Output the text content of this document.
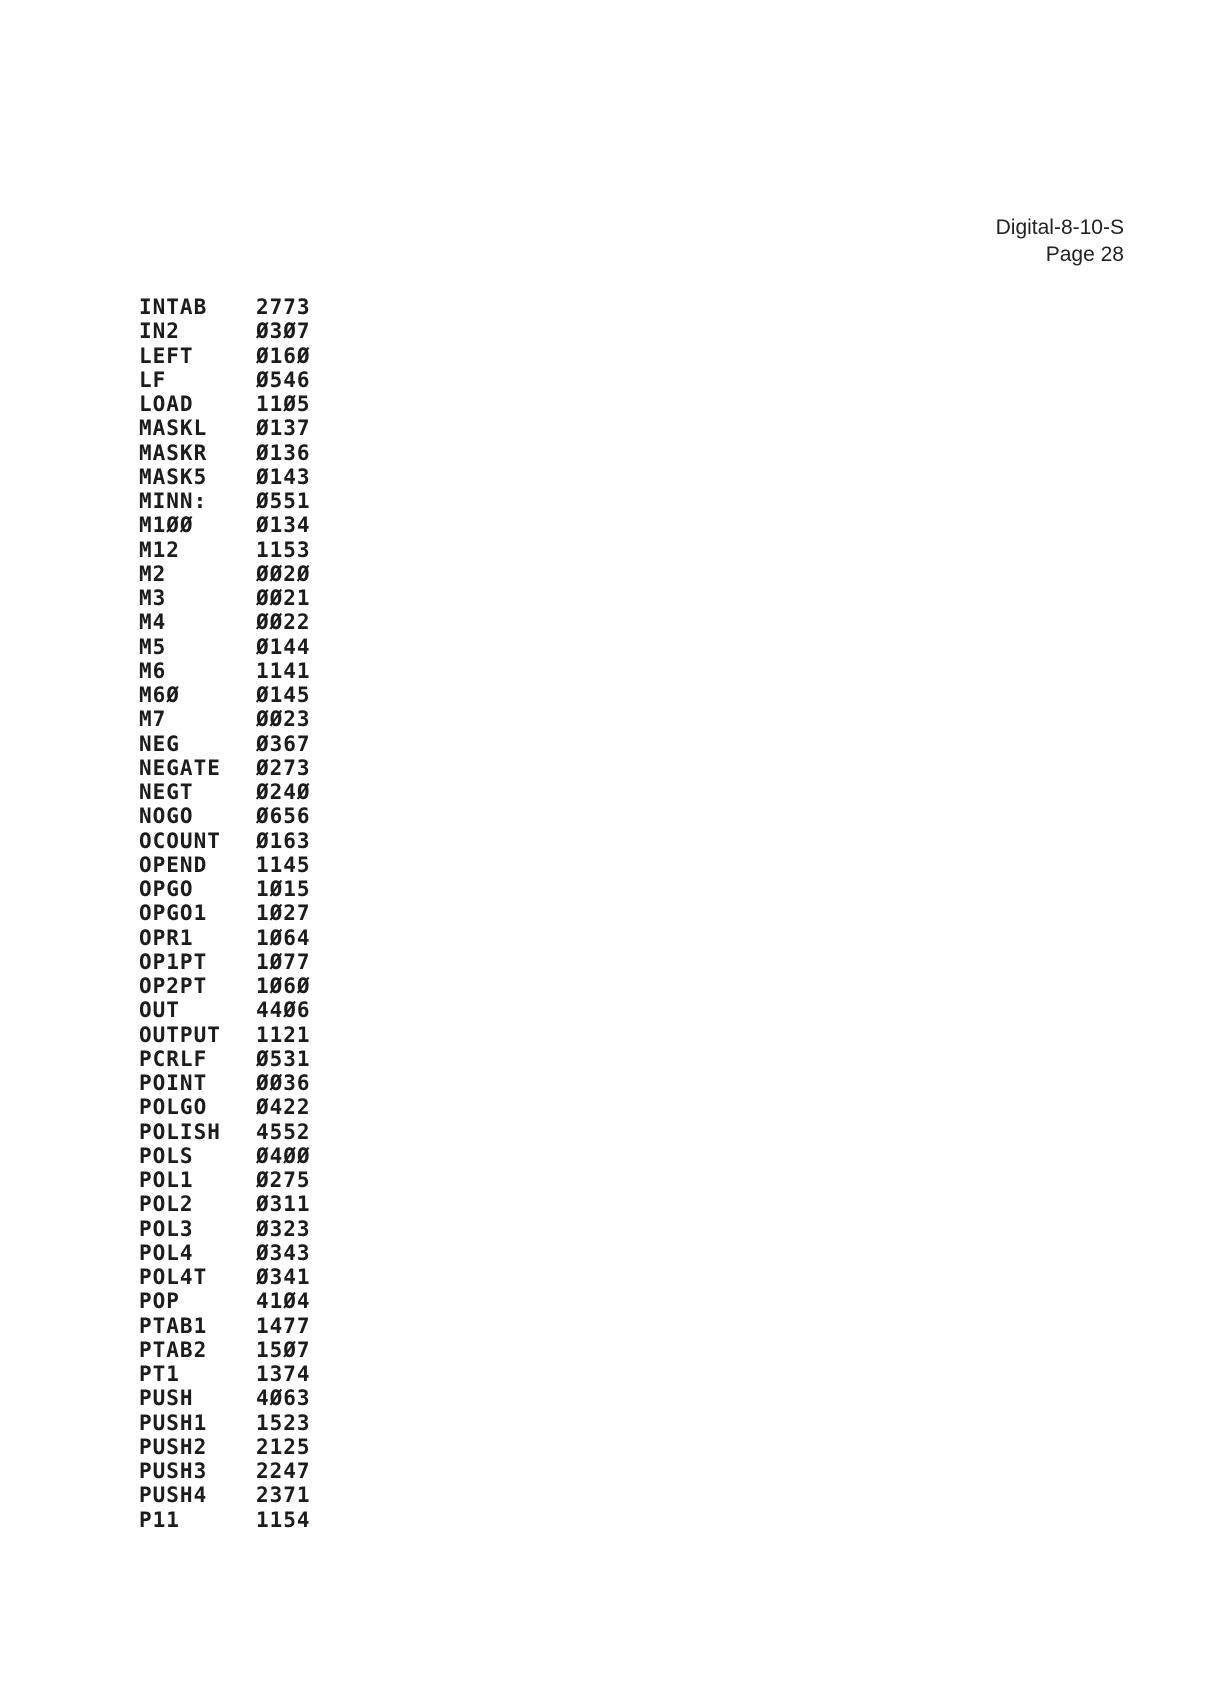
Digital-8-10-S
Page 28
INTAB	2773
IN2	Ø3Ø7
LEFT	Ø16Ø
LF	Ø546
LOAD	11Ø5
MASKL	Ø137
MASKR	Ø136
MASK5	Ø143
MINN:	Ø551
M1ØØ	Ø134
M12	1153
M2	ØØ2Ø
M3	ØØ21
M4	ØØ22
M5	Ø144
M6	1141
M6Ø	Ø145
M7	ØØ23
NEG	Ø367
NEGATE	Ø273
NEGT	Ø24Ø
NOGO	Ø656
OCOUNT	Ø163
OPEND	1145
OPGO	1Ø15
OPGO1	1Ø27
OPR1	1Ø64
OP1PT	1Ø77
OP2PT	1Ø6Ø
OUT	44Ø6
OUTPUT	1121
PCRLF	Ø531
POINT	ØØ36
POLGO	Ø422
POLISH	4552
POLS	Ø4ØØ
POL1	Ø275
POL2	Ø311
POL3	Ø323
POL4	Ø343
POL4T	Ø341
POP	41Ø4
PTAB1	1477
PTAB2	15Ø7
PT1	1374
PUSH	4Ø63
PUSH1	1523
PUSH2	2125
PUSH3	2247
PUSH4	2371
P11	1154
